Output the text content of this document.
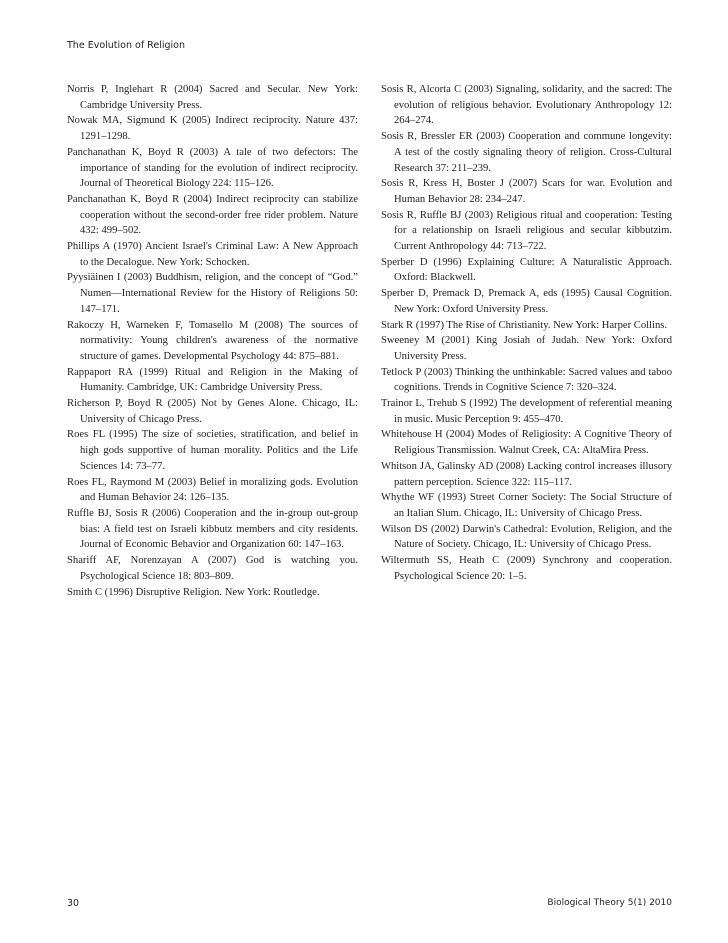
The Evolution of Religion

Norris P, Inglehart R (2004) Sacred and Secular. New York: Cambridge University Press.

Nowak MA, Sigmund K (2005) Indirect reciprocity. Nature 437: 1291–1298.

Panchanathan K, Boyd R (2003) A tale of two defectors: The importance of standing for the evolution of indirect reciprocity. Journal of Theoretical Biology 224: 115–126.

Panchanathan K, Boyd R (2004) Indirect reciprocity can stabilize cooperation without the second-order free rider problem. Nature 432: 499–502.

Phillips A (1970) Ancient Israel's Criminal Law: A New Approach to the Decalogue. New York: Schocken.

Pyysiäinen I (2003) Buddhism, religion, and the concept of “God.” Numen—International Review for the History of Religions 50: 147–171.

Rakoczy H, Warneken F, Tomasello M (2008) The sources of normativity: Young children's awareness of the normative structure of games. Developmental Psychology 44: 875–881.

Rappaport RA (1999) Ritual and Religion in the Making of Humanity. Cambridge, UK: Cambridge University Press.

Richerson P, Boyd R (2005) Not by Genes Alone. Chicago, IL: University of Chicago Press.

Roes FL (1995) The size of societies, stratification, and belief in high gods supportive of human morality. Politics and the Life Sciences 14: 73–77.

Roes FL, Raymond M (2003) Belief in moralizing gods. Evolution and Human Behavior 24: 126–135.

Ruffle BJ, Sosis R (2006) Cooperation and the in-group out-group bias: A field test on Israeli kibbutz members and city residents. Journal of Economic Behavior and Organization 60: 147–163.

Shariff AF, Norenzayan A (2007) God is watching you. Psychological Science 18: 803–809.

Smith C (1996) Disruptive Religion. New York: Routledge.

Sosis R, Alcorta C (2003) Signaling, solidarity, and the sacred: The evolution of religious behavior. Evolutionary Anthropology 12: 264–274.

Sosis R, Bressler ER (2003) Cooperation and commune longevity: A test of the costly signaling theory of religion. Cross-Cultural Research 37: 211–239.

Sosis R, Kress H, Boster J (2007) Scars for war. Evolution and Human Behavior 28: 234–247.

Sosis R, Ruffle BJ (2003) Religious ritual and cooperation: Testing for a relationship on Israeli religious and secular kibbutzim. Current Anthropology 44: 713–722.

Sperber D (1996) Explaining Culture: A Naturalistic Approach. Oxford: Blackwell.

Sperber D, Premack D, Premack A, eds (1995) Causal Cognition. New York: Oxford University Press.

Stark R (1997) The Rise of Christianity. New York: Harper Collins.

Sweeney M (2001) King Josiah of Judah. New York: Oxford University Press.

Tetlock P (2003) Thinking the unthinkable: Sacred values and taboo cognitions. Trends in Cognitive Science 7: 320–324.

Trainor L, Trehub S (1992) The development of referential meaning in music. Music Perception 9: 455–470.

Whitehouse H (2004) Modes of Religiosity: A Cognitive Theory of Religious Transmission. Walnut Creek, CA: AltaMira Press.

Whitson JA, Galinsky AD (2008) Lacking control increases illusory pattern perception. Science 322: 115–117.

Whythe WF (1993) Street Corner Society: The Social Structure of an Italian Slum. Chicago, IL: University of Chicago Press.

Wilson DS (2002) Darwin's Cathedral: Evolution, Religion, and the Nature of Society. Chicago, IL: University of Chicago Press.

Wiltermuth SS, Heath C (2009) Synchrony and cooperation. Psychological Science 20: 1–5.

30	Biological Theory 5(1) 2010
